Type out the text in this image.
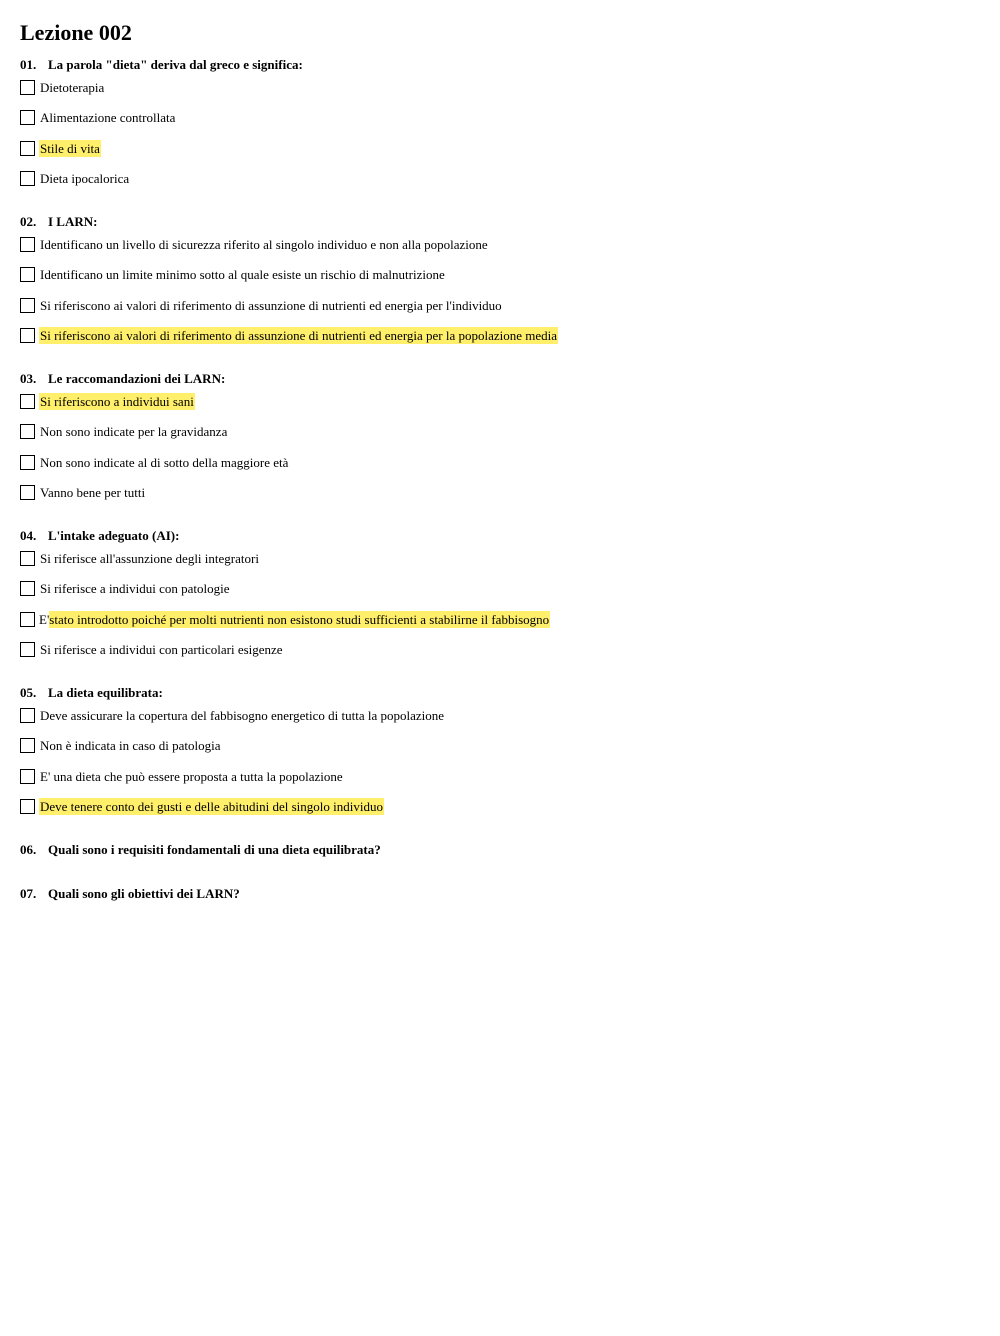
Lezione 002
01. La parola "dieta" deriva dal greco e significa:
Dietoterapia
Alimentazione controllata
Stile di vita
Dieta ipocalorica
02. I LARN:
Identificano un livello di sicurezza riferito al singolo individuo e non alla popolazione
Identificano un limite minimo sotto al quale esiste un rischio di malnutrizione
Si riferiscono ai valori di riferimento di assunzione di nutrienti ed energia per l'individuo
Si riferiscono ai valori di riferimento di assunzione di nutrienti ed energia per la popolazione media
03. Le raccomandazioni dei LARN:
Si riferiscono a individui sani
Non sono indicate per la gravidanza
Non sono indicate al di sotto della maggiore età
Vanno bene per tutti
04. L'intake adeguato (AI):
Si riferisce all'assunzione degli integratori
Si riferisce a individui con patologie
E' stato introdotto poiché per molti nutrienti non esistono studi sufficienti a stabilirne il fabbisogno
Si riferisce a individui con particolari esigenze
05. La dieta equilibrata:
Deve assicurare la copertura del fabbisogno energetico di tutta la popolazione
Non è indicata in caso di patologia
E' una dieta che può essere proposta a tutta la popolazione
Deve tenere conto dei gusti e delle abitudini del singolo individuo
06. Quali sono i requisiti fondamentali di una dieta equilibrata?
07. Quali sono gli obiettivi dei LARN?
